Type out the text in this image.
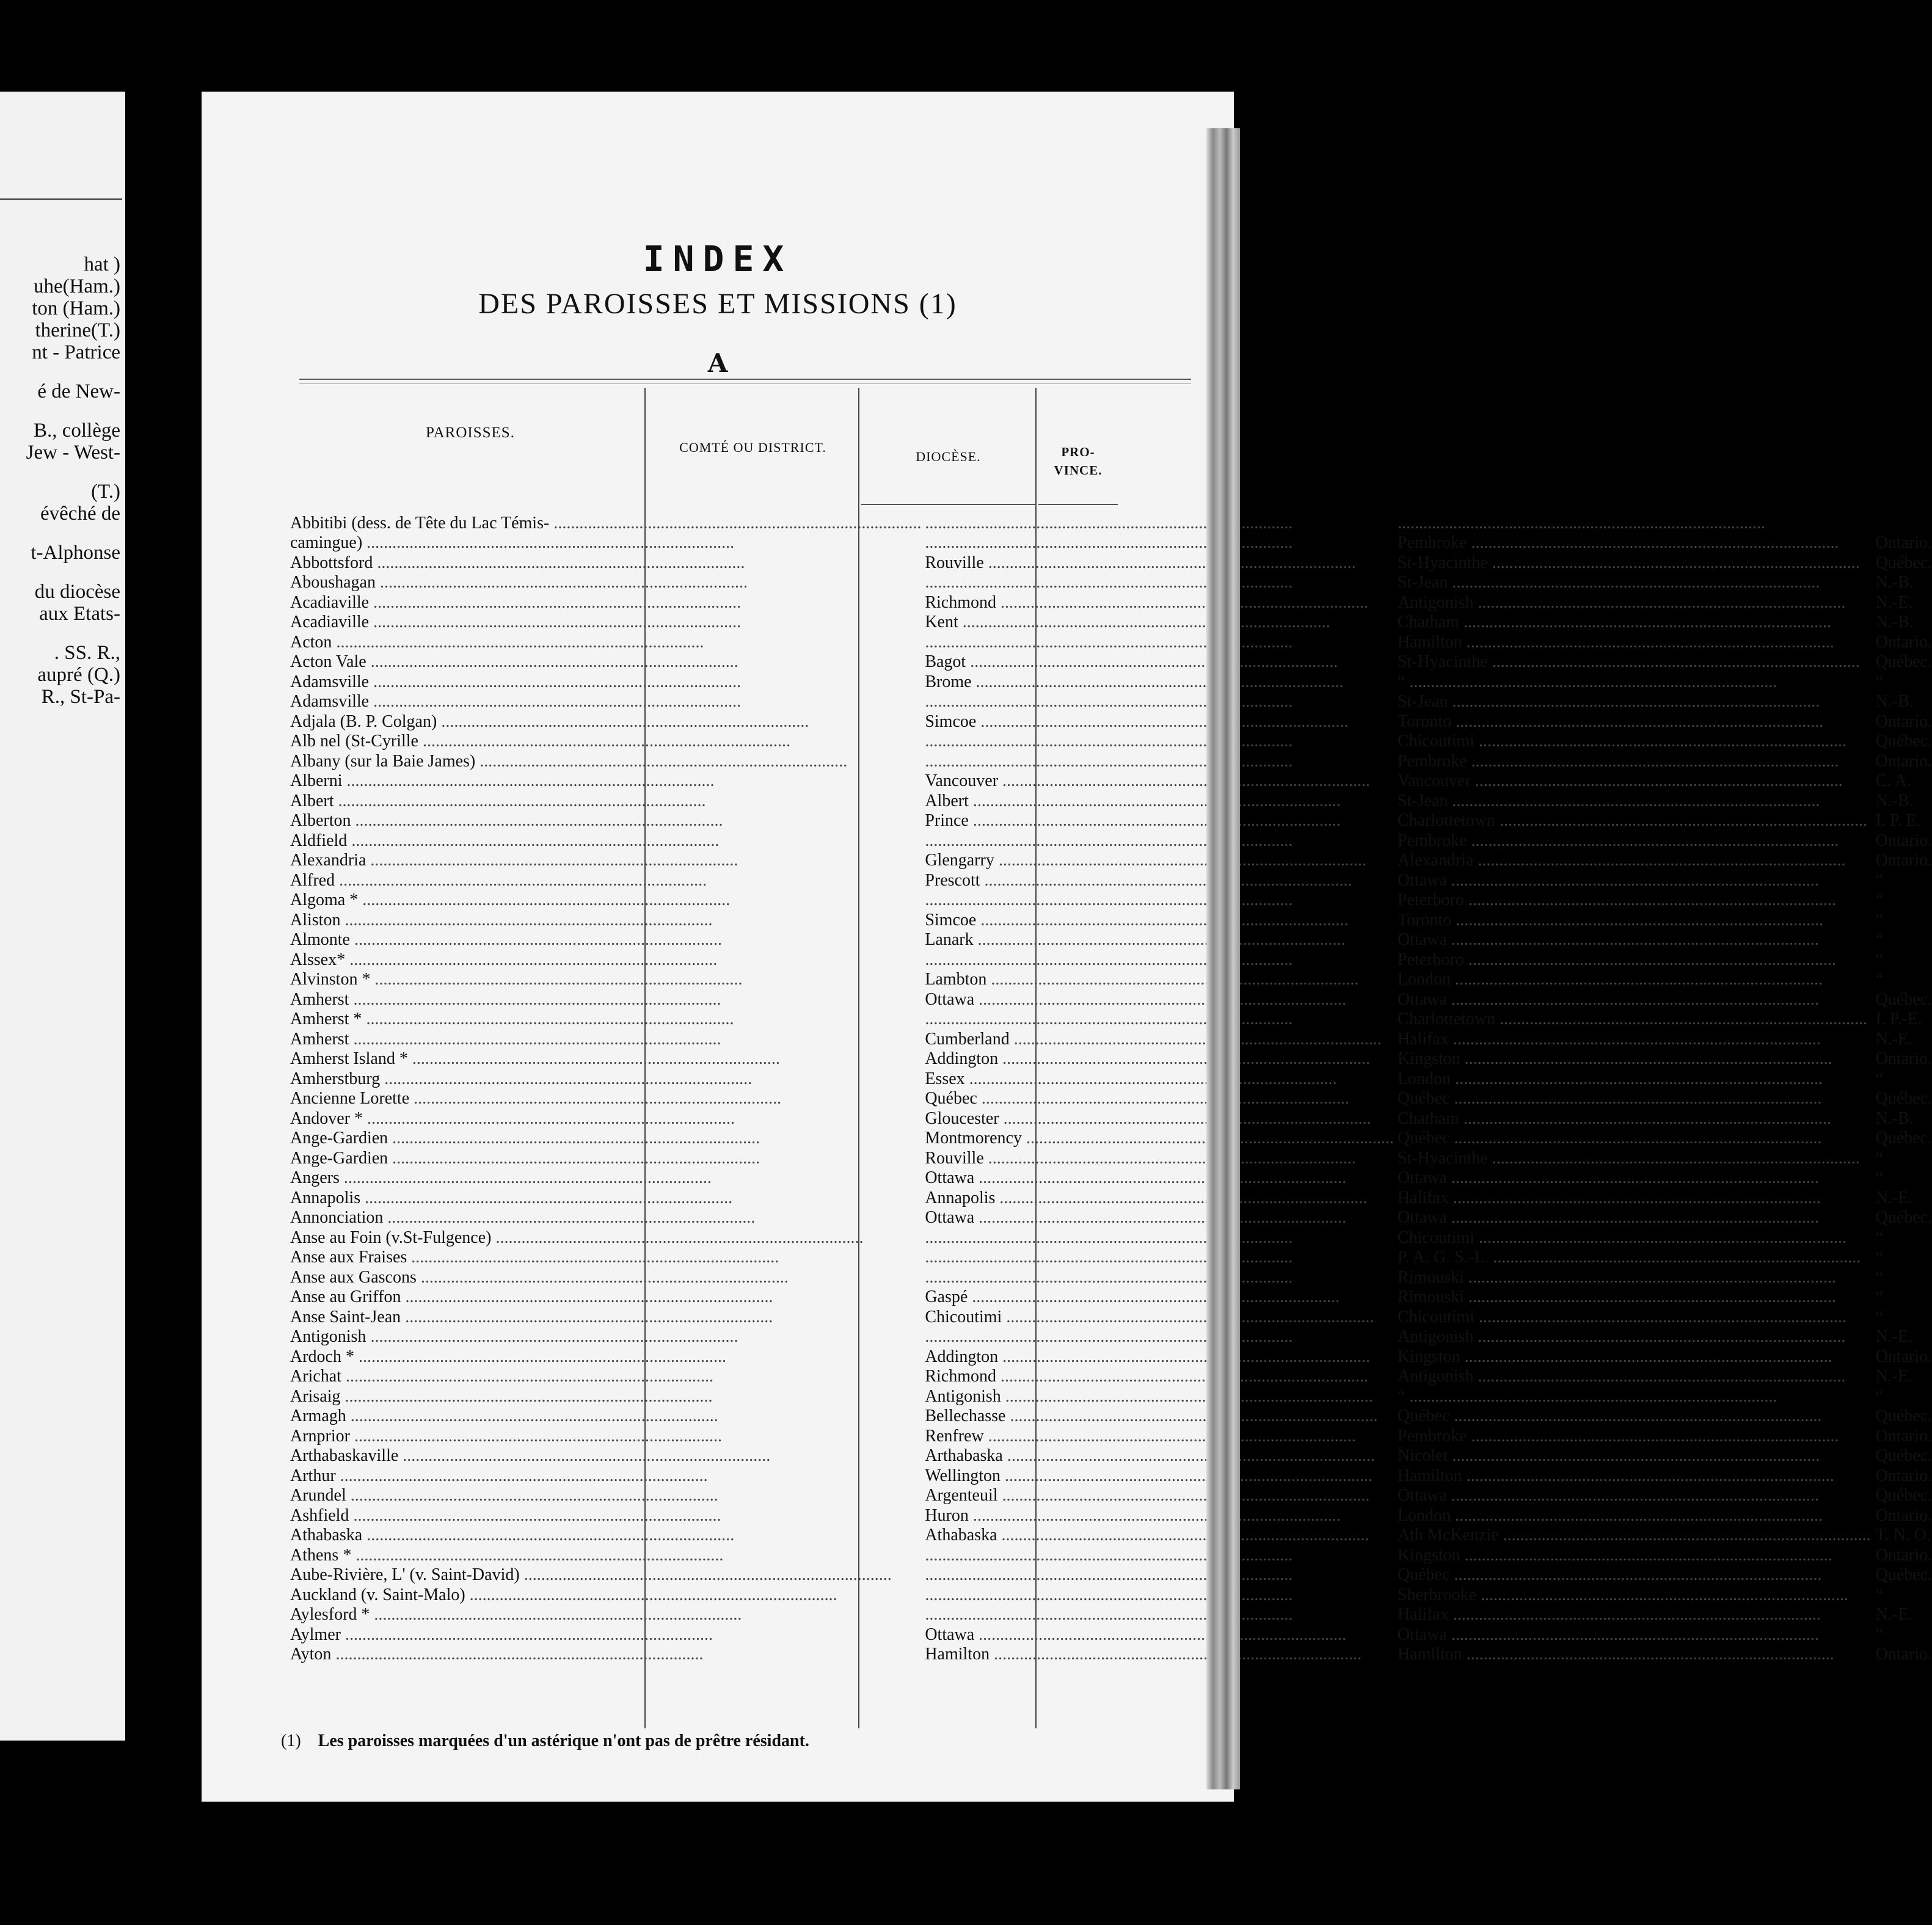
hat )
uhe(Ham.)
ton (Ham.)
therine(T.)
nt - Patrice
é de New-
B., collège
Jew - West-
(T.)
évêché de
t-Alphonse
du diocèse
aux Etats-
. SS. R.,
aupré (Q.)
R., St-Pa-
INDEX
DES PAROISSES ET MISSIONS (1)
A
PAROISSES.
COMTÉ OU DISTRICT.
DIOCÈSE.	PRO-
VINCE.
Abbitibi (dess. de Tête du Lac Témis- .....	.....	.....	
camingue) .....	.....	Pembroke .....	Ontario.
Abbottsford .....	Rouville .....	St-Hyacinthe .....	Québec.
Aboushagan .....	.....	St-Jean .....	N.-B.
Acadiaville .....	Richmond .....	Antigonish .....	N.-E.
Acadiaville .....	Kent .....	Chatham .....	N.-B.
Acton .....	.....	Hamilton .....	Ontario.
Acton Vale .....	Bagot .....	St-Hyacinthe .....	Québec.
Adamsville .....	Brome .....	“ .....	“
Adamsville .....	.....	St-Jean .....	N.-B.
Adjala (B. P. Colgan) .....	Simcoe .....	Toronto .....	Ontario.
Alb nel (St-Cyrille .....	.....	Chicoutimi .....	Québec.
Albany (sur la Baie James) .....	.....	Pembroke .....	Ontario.
Alberni .....	Vancouver .....	Vancouver .....	C. A.
Albert .....	Albert .....	St-Jean .....	N.-B.
Alberton .....	Prince .....	Charlottetown .....	I. P. E.
Aldfield .....	.....	Pembroke .....	Ontario.
Alexandria .....	Glengarry .....	Alexandria .....	Ontario.
Alfred .....	Prescott .....	Ottawa .....	“
Algoma * .....	.....	Peterboro .....	“
Aliston .....	Simcoe .....	Toronto .....	“
Almonte .....	Lanark .....	Ottawa .....	“
Alssex* .....	.....	Peterboro .....	“
Alvinston * .....	Lambton .....	London .....	“
Amherst .....	Ottawa .....	Ottawa .....	Québec.
Amherst * .....	.....	Charlottetown .....	I. P.-E.
Amherst .....	Cumberland .....	Halifax .....	N.-E.
Amherst Island * .....	Addington .....	Kingston .....	Ontario.
Amherstburg .....	Essex .....	London .....	“
Ancienne Lorette .....	Québec .....	Québec .....	Québec.
Andover * .....	Gloucester .....	Chatham .....	N.-B.
Ange-Gardien .....	Montmorency .....	Québec .....	Québec.
Ange-Gardien .....	Rouville .....	St-Hyacinthe .....	“
Angers .....	Ottawa .....	Ottawa .....	“
Annapolis .....	Annapolis .....	Halifax .....	N.-E.
Annonciation .....	Ottawa .....	Ottawa .....	Québec.
Anse au Foin (v.St-Fulgence) .....	.....	Chicoutimi .....	“
Anse aux Fraises .....	.....	P. A. G. S.-L. .....	“
Anse aux Gascons .....	.....	Rimouski .....	“
Anse au Griffon .....	Gaspé .....	Rimouski .....	“
Anse Saint-Jean .....	Chicoutimi .....	Chicoutimi .....	“
Antigonish .....	.....	Antigonish .....	N.-E.
Ardoch * .....	Addington .....	Kingston .....	Ontario.
Arichat .....	Richmond .....	Antigonish .....	N.-E.
Arisaig .....	Antigonish .....	“ .....	“
Armagh .....	Bellechasse .....	Québec .....	Québec.
Arnprior .....	Renfrew .....	Pembroke .....	Ontario.
Arthabaskaville .....	Arthabaska .....	Nicolet .....	Québec.
Arthur .....	Wellington .....	Hamilton .....	Ontario.
Arundel .....	Argenteuil .....	Ottawa .....	Québec.
Ashfield .....	Huron .....	London .....	Ontario.
Athabaska .....	Athabaska .....	Ath McKenzie .....	T. N. O.
Athens * .....	.....	Kingston .....	Ontario.
Aube-Rivière, L' (v. Saint-David) .....	.....	Québec .....	Québec.
Auckland (v. Saint-Malo) .....	.....	Sherbrooke .....	“
Aylesford * .....	.....	Halifax .....	N.-E.
Aylmer .....	Ottawa .....	Ottawa .....	“
Ayton .....	Hamilton .....	Hamilton .....	Ontario.
(1) Les paroisses marquées d'un astérique n'ont pas de prêtre résidant.
